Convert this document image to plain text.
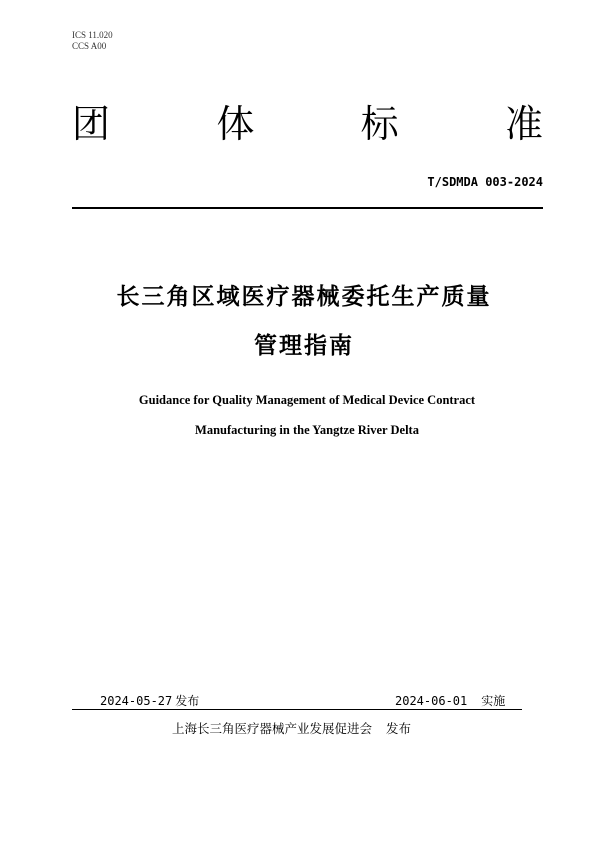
ICS 11.020
CCS A00
团	体	标	准
T/SDMDA 003-2024
长三角区域医疗器械委托生产质量
管理指南
Guidance for Quality Management of Medical Device Contract
Manufacturing in the Yangtze River Delta
2024-05-27 发布	2024-06-01 实施
上海长三角医疗器械产业发展促进会 发布
